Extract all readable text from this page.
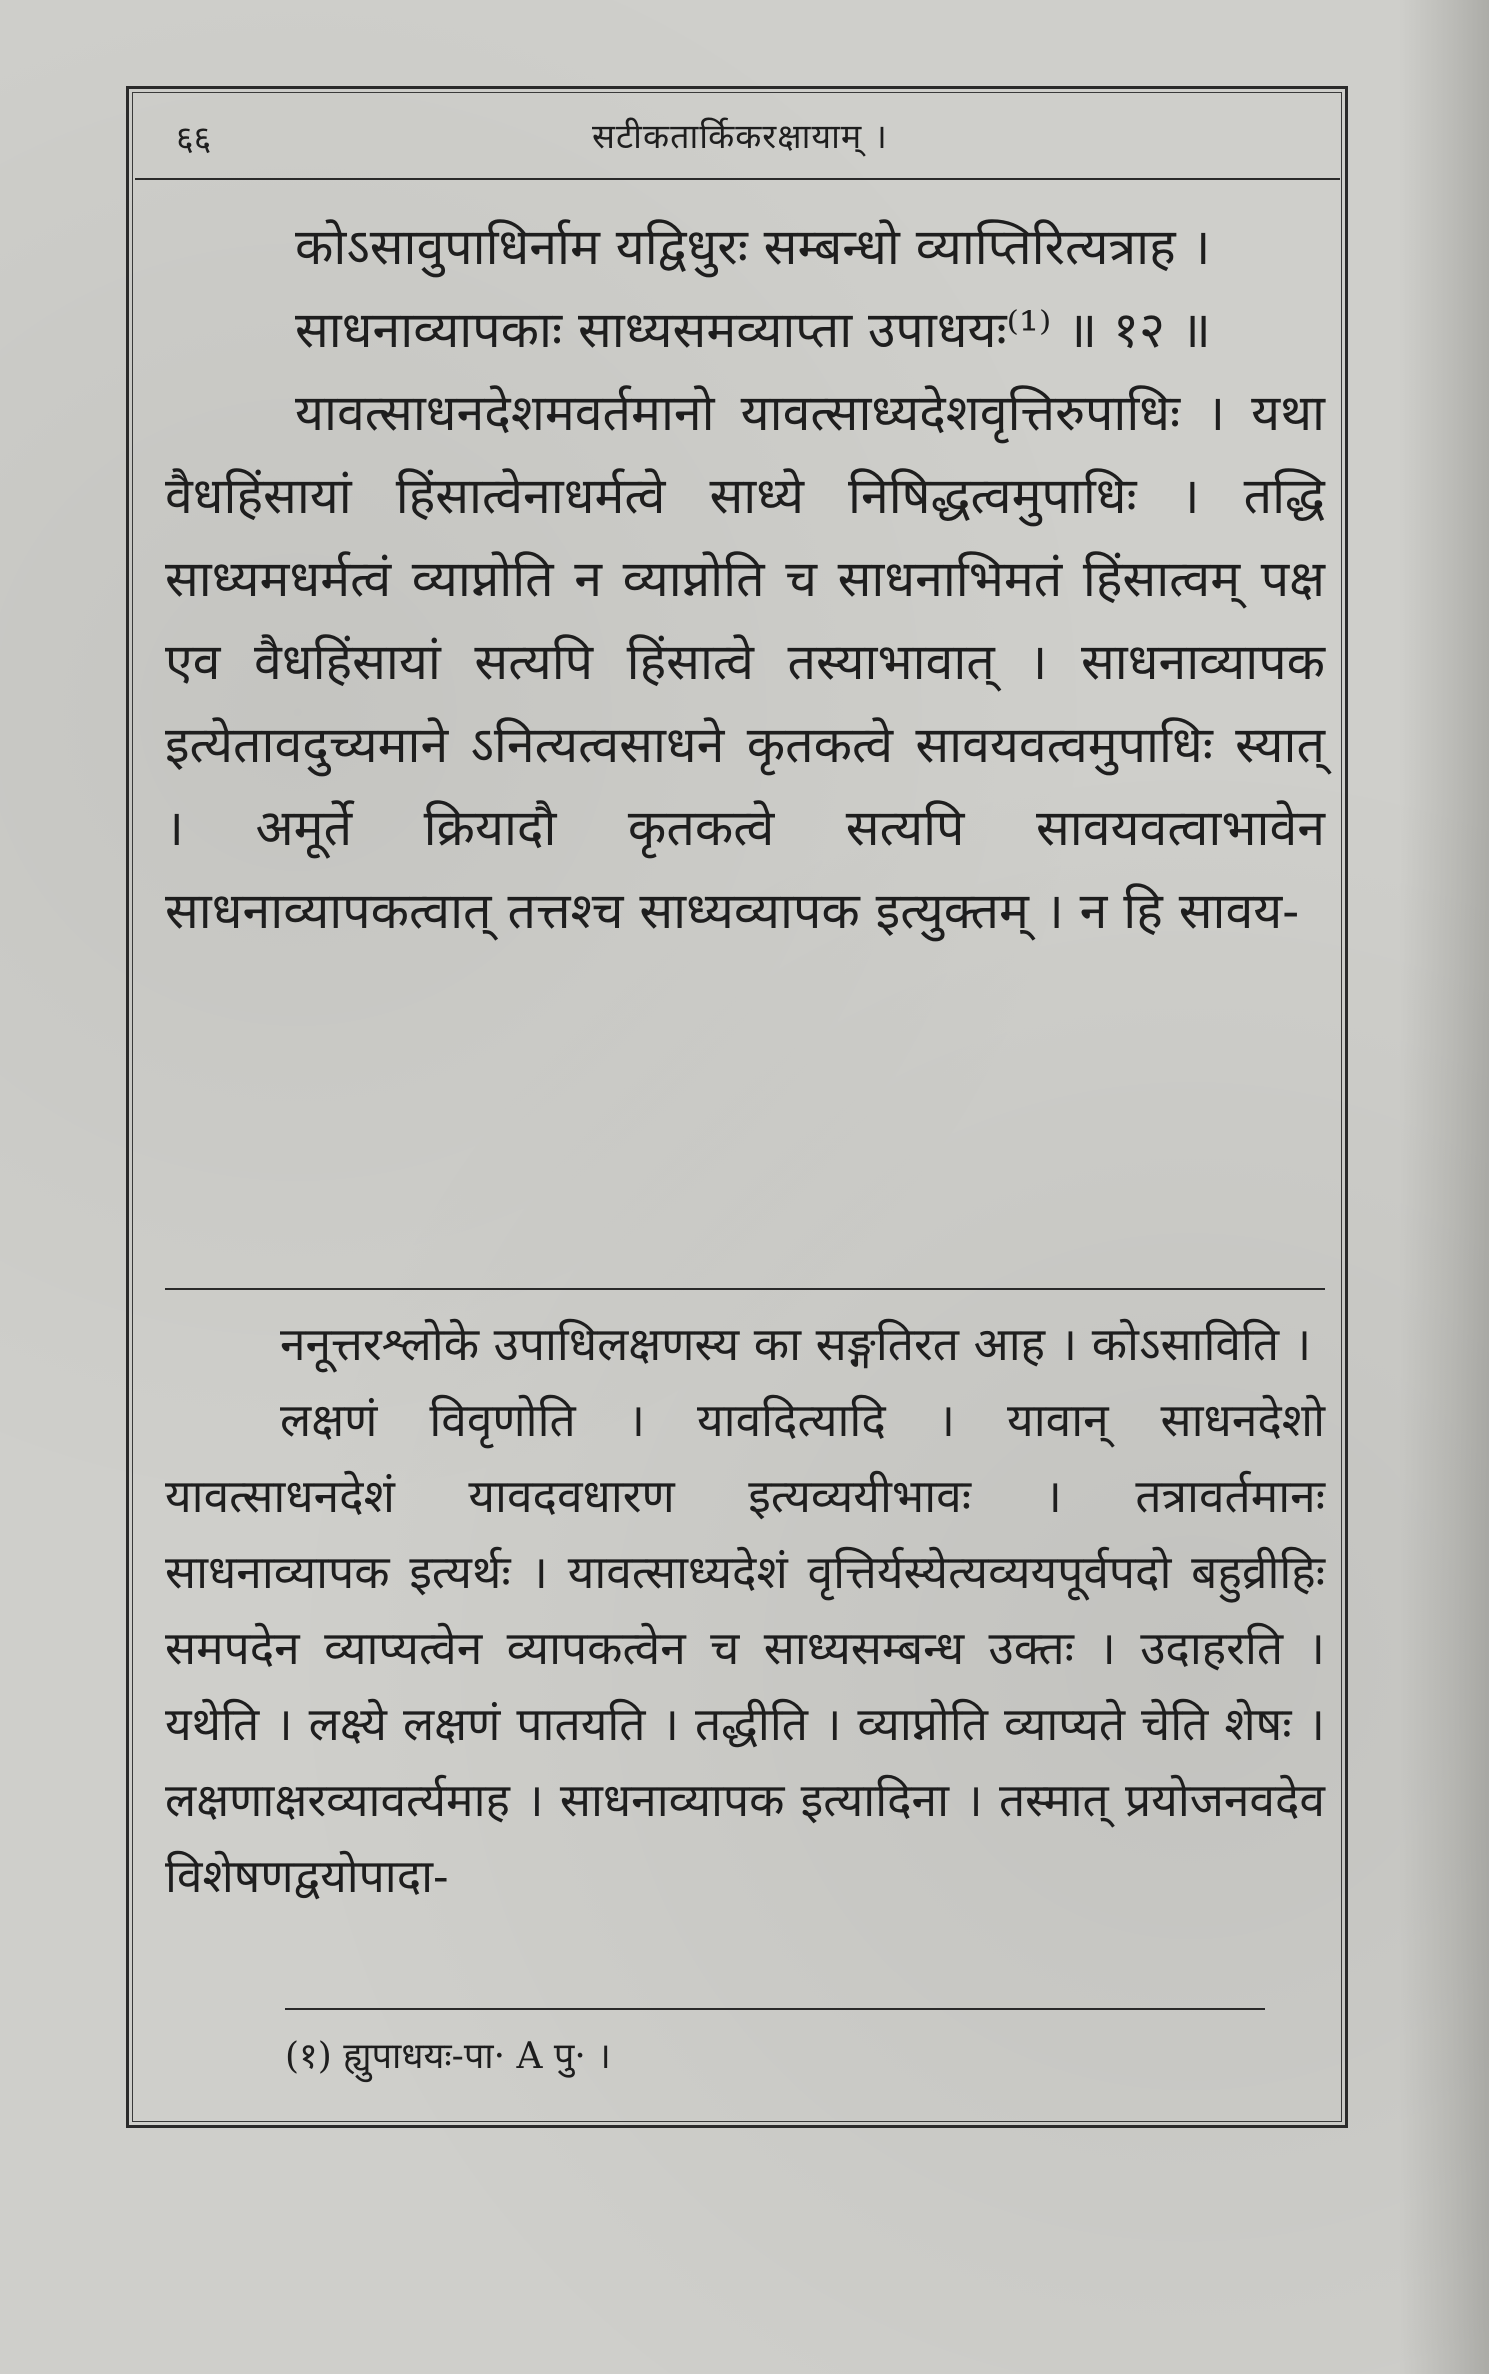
६६	सटीकतार्किकरक्षायाम् ।

कोऽसावुपाधिर्नाम यद्विधुरः सम्बन्धो व्याप्तिरित्यत्राह ।

साधनाव्यापकाः साध्यसमव्याप्ता उपाधयः⁽¹⁾ ॥ १२ ॥

यावत्साधनदेशमवर्तमानो यावत्साध्यदेशवृत्तिरुपाधिः । यथा वैधहिंसायां हिंसात्वेनाधर्मत्वे साध्ये निषिद्धत्वमुपाधिः । तद्धि साध्यमधर्मत्वं व्याप्नोति न व्याप्नोति च साधनाभिमतं हिंसात्वम् पक्ष एव वैधहिंसायां सत्यपि हिंसात्वे तस्याभावात् । साधनाव्यापक इत्येतावदुच्यमाने ऽनित्यत्वसाधने कृतकत्वे सावयवत्वमुपाधिः स्यात् । अमूर्ते क्रियादौ कृतकत्वे सत्यपि सावयवत्वाभावेन साधनाव्यापकत्वात् तत्तश्च साध्यव्यापक इत्युक्तम् । न हि सावय-

ननूत्तरश्लोके उपाधिलक्षणस्य का सङ्गतिरत आह । कोऽसाविति ।

लक्षणं विवृणोति । यावदित्यादि । यावान् साधनदेशो यावत्साधनदेशं यावदवधारण इत्यव्ययीभावः । तत्रावर्तमानः साधनाव्यापक इत्यर्थः । यावत्साध्यदेशं वृत्तिर्यस्येत्यव्ययपूर्वपदो बहुव्रीहिः समपदेन व्याप्यत्वेन व्यापकत्वेन च साध्यसम्बन्ध उक्तः । उदाहरति । यथेति । लक्ष्ये लक्षणं पातयति । तद्धीति । व्याप्नोति व्याप्यते चेति शेषः । लक्षणाक्षरव्यावर्त्यमाह । साधनाव्यापक इत्यादिना । तस्मात् प्रयोजनवदेव विशेषणद्वयोपादा-

(१) ह्युपाधयः-पा· A पु· ।
